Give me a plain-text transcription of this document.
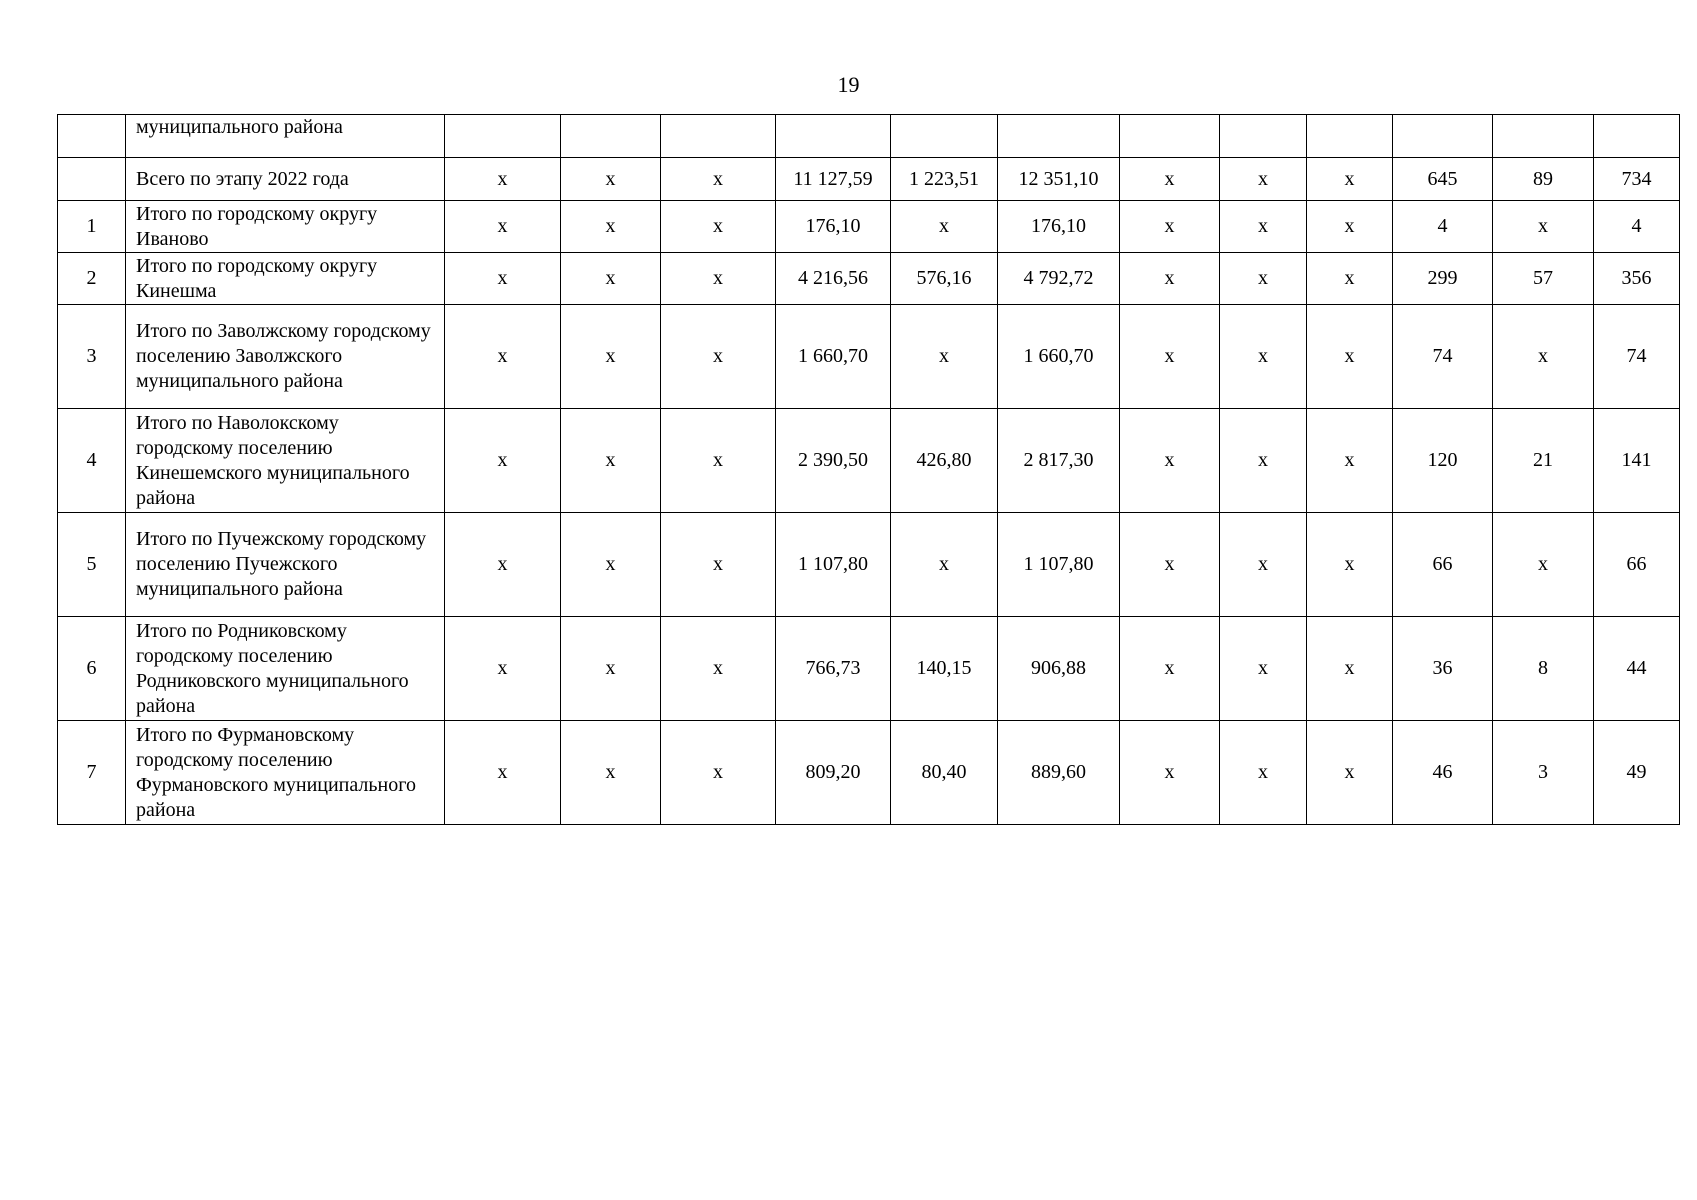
19
	муниципального района												
	Всего по этапу 2022 года	х	х	х	11 127,59	1 223,51	12 351,10	х	х	х	645	89	734
1	Итого по городскому округу Иваново	х	х	х	176,10	х	176,10	х	х	х	4	х	4
2	Итого по городскому округу Кинешма	х	х	х	4 216,56	576,16	4 792,72	х	х	х	299	57	356
3	Итого по Заволжскому городскому поселению Заволжского муниципального района	х	х	х	1 660,70	х	1 660,70	х	х	х	74	х	74
4	Итого по Наволокскому городскому поселению Кинешемского муниципального района	х	х	х	2 390,50	426,80	2 817,30	х	х	х	120	21	141
5	Итого по Пучежскому городскому поселению Пучежского муниципального района	х	х	х	1 107,80	х	1 107,80	х	х	х	66	х	66
6	Итого по Родниковскому городскому поселению Родниковского муниципального района	х	х	х	766,73	140,15	906,88	х	х	х	36	8	44
7	Итого по Фурмановскому городскому поселению Фурмановского муниципального района	х	х	х	809,20	80,40	889,60	х	х	х	46	3	49
